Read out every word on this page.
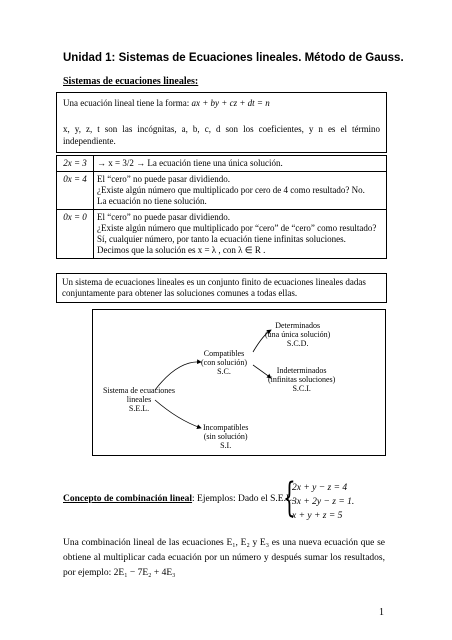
Unidad 1: Sistemas de Ecuaciones lineales. Método de Gauss.
Sistemas de ecuaciones lineales:
Una ecuación lineal tiene la forma: ax + by + cz + dt = n
x, y, z, t son las incógnitas, a, b, c, d son los coeficientes, y n es el término
independiente.
2x = 3	→ x = 3/2 → La ecuación tiene una única solución.

0x = 4	El “cero” no puede pasar dividiendo.
¿Existe algún número que multiplicado por cero de 4 como resultado? No.
La ecuación no tiene solución.

0x = 0	El “cero” no puede pasar dividiendo.
¿Existe algún número que multiplicado por “cero” de “cero” como resultado?
Sí, cualquier número, por tanto la ecuación tiene infinitas soluciones.
Decimos que la solución es x = λ , con λ ∈ R .
Un sistema de ecuaciones lineales es un conjunto finito de ecuaciones lineales dadas conjuntamente para obtener las soluciones comunes a todas ellas.
Sistema de ecuaciones
lineales
S.E.L.
Compatibles
(con solución)
S.C.
Incompatibles
(sin solución)
S.I.
Determinados
(una única solución)
S.C.D.
Indeterminados
(infinitas soluciones)
S.C.I.
Concepto de combinación lineal: Ejemplos: Dado el S.E.L.
{
2x + y − z = 4
3x + 2y − z = 1.
x + y + z = 5
Una combinación lineal de las ecuaciones E₁, E₂ y E₃ es una nueva ecuación que se obtiene al multiplicar cada ecuación por un número y después sumar los resultados, por ejemplo: 2E₁ − 7E₂ + 4E₃
1
